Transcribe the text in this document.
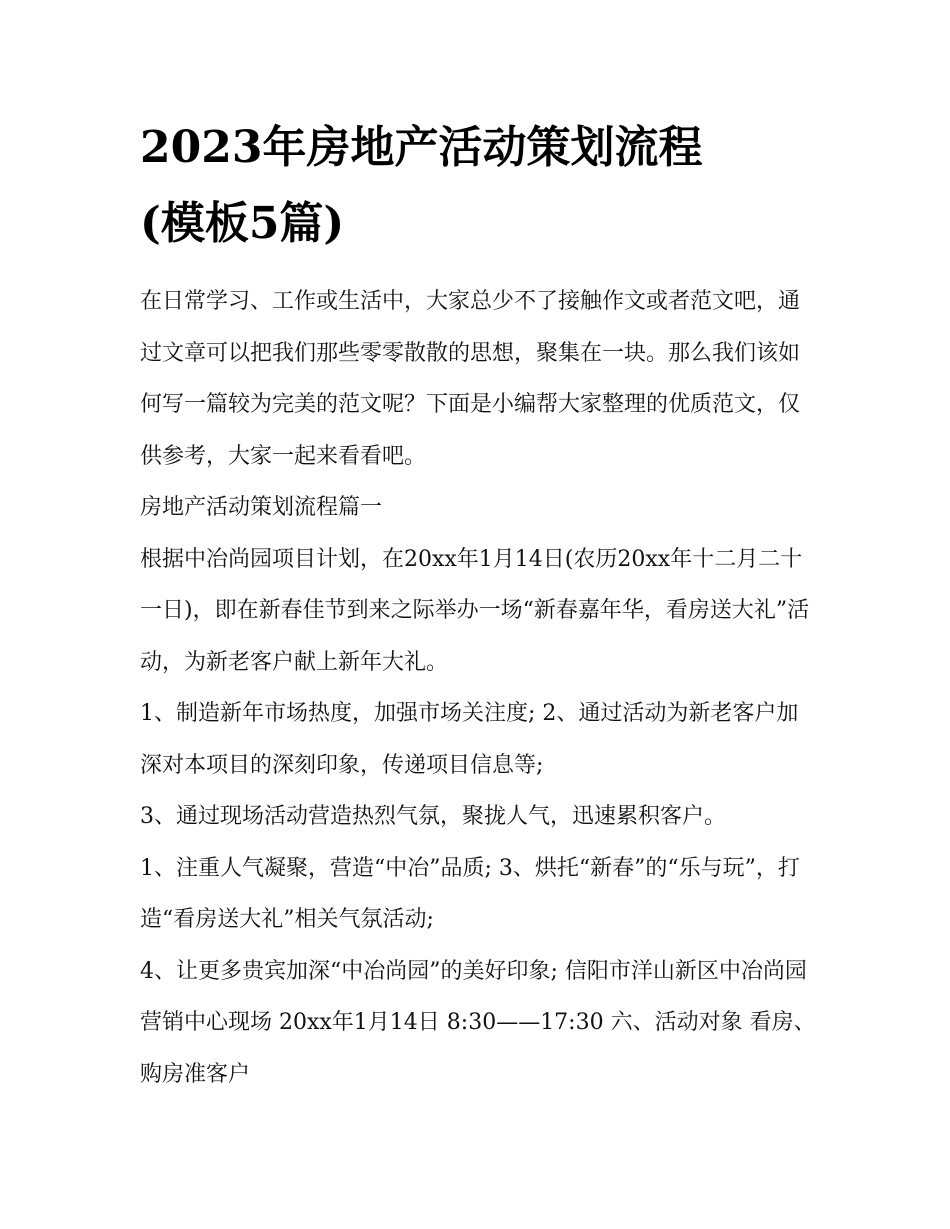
2023年房地产活动策划流程
(模板5篇)

在日常学习、工作或生活中，大家总少不了接触作文或者范文吧，通过文章可以把我们那些零零散散的思想，聚集在一块。那么我们该如何写一篇较为完美的范文呢？下面是小编帮大家整理的优质范文，仅供参考，大家一起来看看吧。

房地产活动策划流程篇一

根据中冶尚园项目计划，在20xx年1月14日(农历20xx年十二月二十一日)，即在新春佳节到来之际举办一场“新春嘉年华，看房送大礼”活动，为新老客户献上新年大礼。

1、制造新年市场热度，加强市场关注度; 2、通过活动为新老客户加深对本项目的深刻印象，传递项目信息等;

3、通过现场活动营造热烈气氛，聚拢人气，迅速累积客户。

1、注重人气凝聚，营造“中冶”品质; 3、烘托“新春”的“乐与玩”，打造“看房送大礼”相关气氛活动;

4、让更多贵宾加深“中冶尚园”的美好印象; 信阳市洋山新区中冶尚园营销中心现场 20xx年1月14日 8:30——17:30 六、活动对象 看房、购房准客户
